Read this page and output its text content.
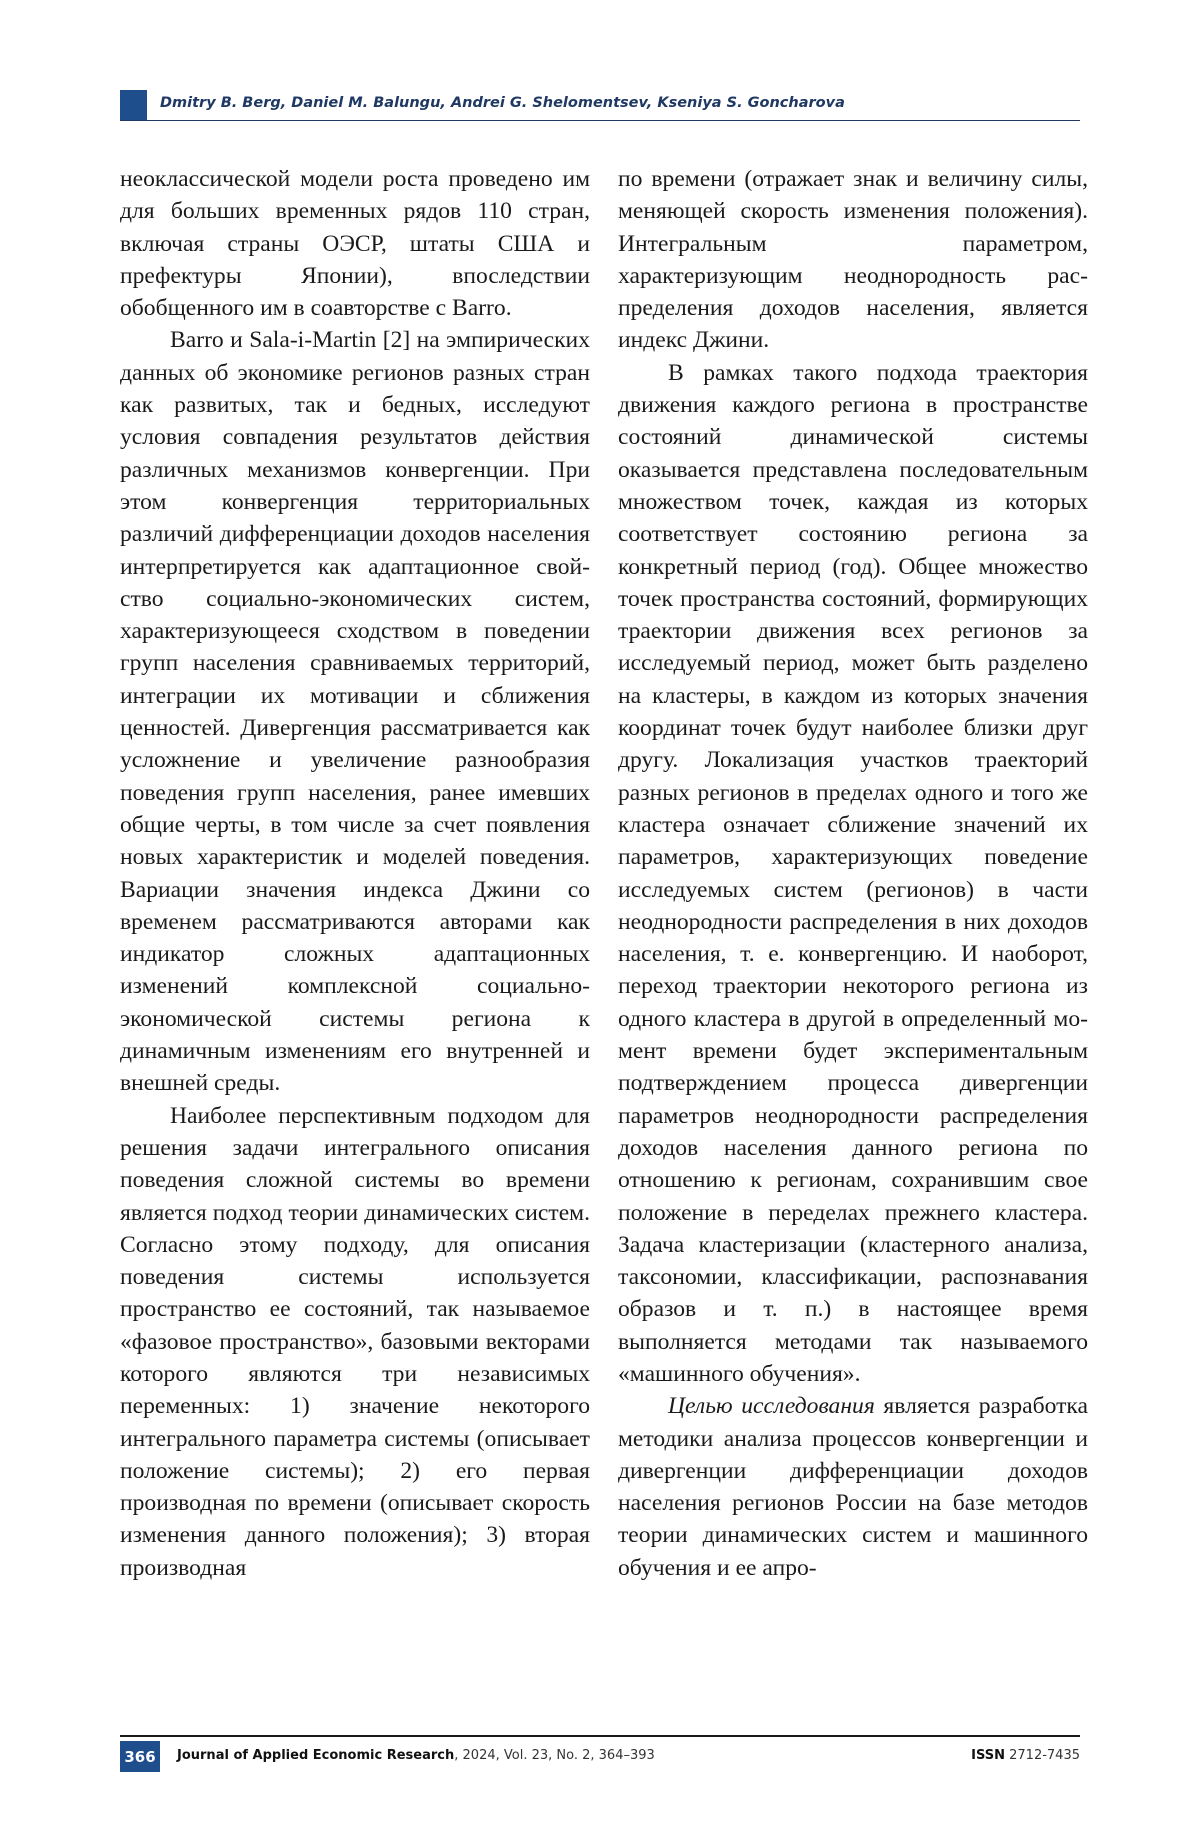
Dmitry B. Berg, Daniel M. Balungu, Andrei G. Shelomentsev, Kseniya S. Goncharova

неоклассической модели роста проведено им для больших временных рядов 110 стран, включая страны ОЭСР, штаты США и префектуры Японии), впоследствии обобщенного им в соавторстве с Barro.

Barro и Sala-i-Martin [2] на эмпирических данных об экономике регионов разных стран как развитых, так и бедных, исследуют условия совпадения результатов действия различных механизмов конвергенции. При этом конвергенция территориальных различий дифференциации доходов населения интерпретируется как адаптационное свойство социально-экономических систем, характеризующееся сходством в поведении групп населения сравниваемых территорий, интеграции их мотивации и сближения ценностей. Дивергенция рассматривается как усложнение и увеличение разнообразия поведения групп населения, ранее имевших общие черты, в том числе за счет появления новых характеристик и моделей поведения. Вариации значения индекса Джини со временем рассматриваются авторами как индикатор сложных адаптационных изменений комплексной социально-экономической системы региона к динамичным изменениям его внутренней и внешней среды.

Наиболее перспективным подходом для решения задачи интегрального описания поведения сложной системы во времени является подход теории динамических систем. Согласно этому подходу, для описания поведения системы используется пространство ее состояний, так называемое «фазовое пространство», базовыми векторами которого являются три независимых переменных: 1) значение некоторого интегрального параметра системы (описывает положение системы); 2) его первая производная по времени (описывает скорость изменения данного положения); 3) вторая производная

по времени (отражает знак и величину силы, меняющей скорость изменения положения). Интегральным параметром, характеризующим неоднородность распределения доходов населения, является индекс Джини.

В рамках такого подхода траектория движения каждого региона в пространстве состояний динамической системы оказывается представлена последовательным множеством точек, каждая из которых соответствует состоянию региона за конкретный период (год). Общее множество точек пространства состояний, формирующих траектории движения всех регионов за исследуемый период, может быть разделено на кластеры, в каждом из которых значения координат точек будут наиболее близки друг другу. Локализация участков траекторий разных регионов в пределах одного и того же кластера означает сближение значений их параметров, характеризующих поведение исследуемых систем (регионов) в части неоднородности распределения в них доходов населения, т. е. конвергенцию. И наоборот, переход траектории некоторого региона из одного кластера в другой в определенный момент времени будет экспериментальным подтверждением процесса дивергенции параметров неоднородности распределения доходов населения данного региона по отношению к регионам, сохранившим свое положение в переделах прежнего кластера. Задача кластеризации (кластерного анализа, таксономии, классификации, распознавания образов и т. п.) в настоящее время выполняется методами так называемого «машинного обучения».

Целью исследования является разработка методики анализа процессов конвергенции и дивергенции дифференциации доходов населения регионов России на базе методов теории динамических систем и машинного обучения и ее апро-

366	Journal of Applied Economic Research, 2024, Vol. 23, No. 2, 364–393	ISSN 2712-7435
